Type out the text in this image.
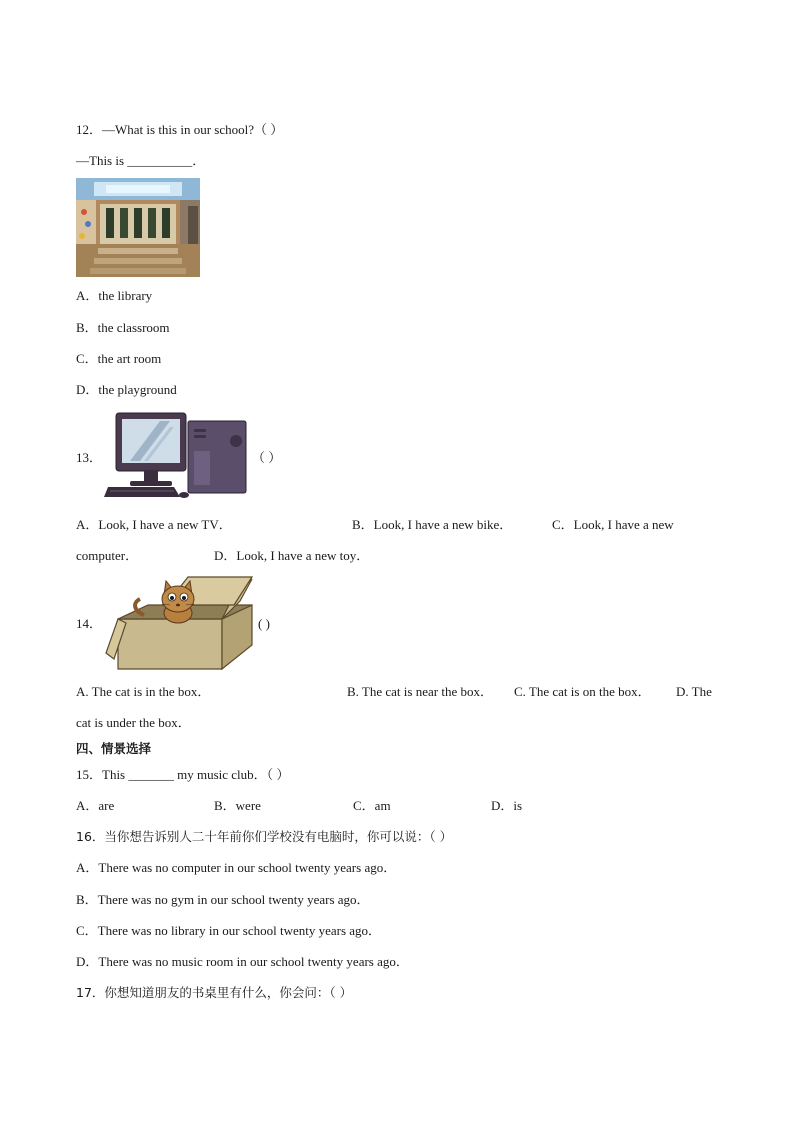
12．—What is this in our school?（ ）
—This is __________．
A．the library
B．the classroom
C．the art room
D．the playground
13．	（ ）
A．Look, I have a new TV．	B．Look, I have a new bike．	C．Look, I have a new
computer．	D．Look, I have a new toy．
14．	( )
A. The cat is in the box．	B. The cat is near the box． C. The cat is on the box． D. The
cat is under the box．
四、情景选择
15．This _______ my music club．（ ）
A．are	B．were	C．am	D．is
16．当你想告诉别人二十年前你们学校没有电脑时，你可以说：（ ）
A．There was no computer in our school twenty years ago．
B．There was no gym in our school twenty years ago．
C．There was no library in our school twenty years ago．
D．There was no music room in our school twenty years ago．
17．你想知道朋友的书桌里有什么，你会问：（ ）
